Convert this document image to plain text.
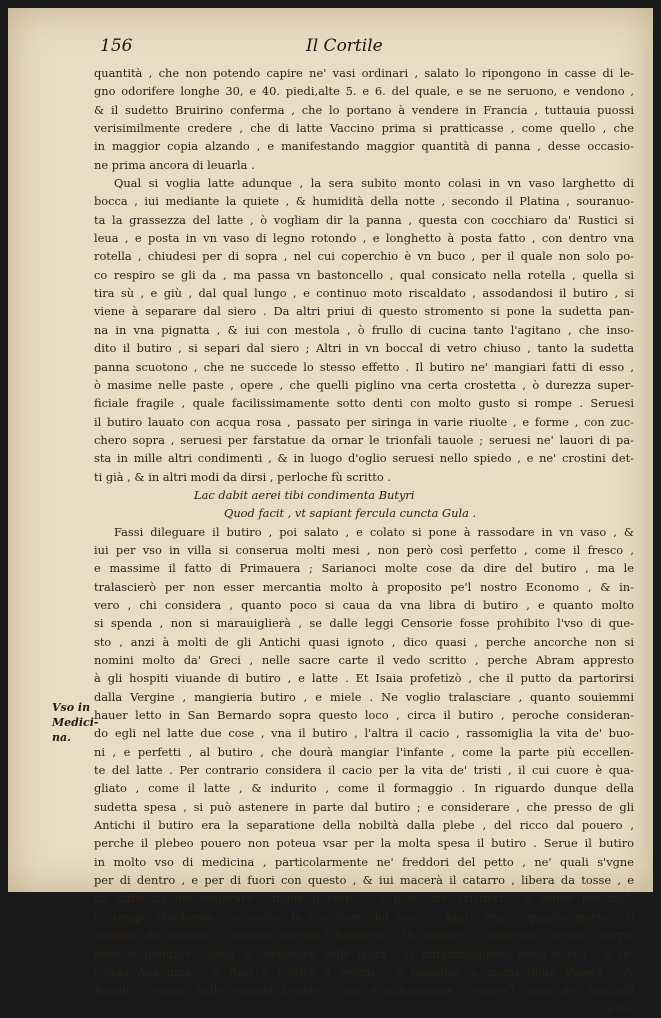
156	Il Cortile
Vso in
Medici-
na.
quantità , che non potendo capire ne' vasi ordinari , salato lo ripongono in casse di le-
gno odorifere longhe 30, e 40. piedi,alte 5. e 6. del quale, e se ne seruono, e vendono ,
& il sudetto Bruirino conferma , che lo portano à vendere in Francia , tuttauia puossi
verisimilmente credere , che di latte Vaccino prima si pratticasse , come quello , che
in maggior copia alzando , e manifestando maggior quantità di panna , desse occasio-
ne prima ancora di leuarla .
Qual si voglia latte adunque , la sera subito monto colasi in vn vaso larghetto di
bocca , iui mediante la quiete , & humidità della notte , secondo il Platina , souranuo-
ta la grassezza del latte , ò vogliam dir la panna , questa con cocchiaro da' Rustici si
leua , e posta in vn vaso di legno rotondo , e longhetto à posta fatto , con dentro vna
rotella , chiudesi per di sopra , nel cui coperchio è vn buco , per il quale non solo po-
co respiro se gli da , ma passa vn bastoncello , qual consicato nella rotella , quella si
tira sù , e giù , dal qual lungo , e continuo moto riscaldato , assodandosi il butiro , si
viene à separare dal siero . Da altri priui di questo stromento si pone la sudetta pan-
na in vna pignatta , & iui con mestola , ò frullo di cucina tanto l'agitano , che inso-
dito il butiro , si separi dal siero ; Altri in vn boccal di vetro chiuso , tanto la sudetta
panna scuotono , che ne succede lo stesso effetto . Il butiro ne' mangiari fatti di esso ,
ò masime nelle paste , opere , che quelli piglino vna certa crostetta , ò durezza super-
ficiale fragile , quale facilissimamente sotto denti con molto gusto si rompe . Seruesi
il butiro lauato con acqua rosa , passato per siringa in varie riuolte , e forme , con zuc-
chero sopra , seruesi per farstatue da ornar le trionfali tauole ; seruesi ne' lauori di pa-
sta in mille altri condimenti , & in luogo d'oglio seruesi nello spiedo , e ne' crostini det-
ti già , & in altri modi da dirsi , perloche fù scritto .
Lac dabit aerei tibi condimenta Butyri
Quod facit , vt sapiant fercula cuncta Gula .
Fassi dileguare il butiro , poi salato , e colato si pone à rassodare in vn vaso , &
iui per vso in villa si conserua molti mesi , non però così perfetto , come il fresco ,
e massime il fatto di Primauera ; Sarianoci molte cose da dire del butiro , ma le
tralascierò per non esser mercantia molto à proposito pe'l nostro Economo , & in-
vero , chi considera , quanto poco si caua da vna libra di butiro , e quanto molto
si spenda , non si marauiglierà , se dalle leggi Censorie fosse prohibito l'vso di que-
sto , anzi à molti de gli Antichi quasi ignoto , dico quasi , perche ancorche non si
nomini molto da' Greci , nelle sacre carte il vedo scritto , perche Abram appresto
à gli hospiti viuande di butiro , e latte . Et Isaia profetizò , che il putto da partorirsi
dalla Vergine , mangieria butiro , e miele . Ne voglio tralasciare , quanto souiemmi
hauer letto in San Bernardo sopra questo loco , circa il butiro , peroche consideran-
do egli nel latte due cose , vna il butiro , l'altra il cacio , rassomiglia la vita de' buo-
ni , e perfetti , al butiro , che dourà mangiar l'infante , come la parte più eccellen-
te del latte . Per contrario considera il cacio per la vita de' tristi , il cui cuore è qua-
gliato , come il latte , & indurito , come il formaggio . In riguardo dunque della
sudetta spesa , si può astenere in parte dal butiro ; e considerare , che presso de gli
Antichi il butiro era la separatione della nobiltà dalla plebe , del ricco dal pouero ,
perche il plebeo pouero non poteua vsar per la molta spesa il butiro . Serue il butiro
in molto vso di medicina , particolarmente ne' freddori del petto , ne' quali s'vgne
per di dentro , e per di fuori con questo , & iui macerà il catarro , libera da tosse , e
da difficoltà nel respirare , moue il corpo , e posto ne' cristieri , lo rende per mol-
to tempo obediente ; e contro le cucciture del fuoco , tanto viuo , quanto morto , ò
vogliam dir rottorio , matura ancora i foroncoli , fà sputare , conferma i denti , corro-
bora le gengiue ; sana le crepature delle labra , & infiammaggioni della bocca , e se-
condo Auicenna , e Rasi è contro à veleni , e massime à morsi della Vipera , &
Aspide , vsano nelle regioni fredde , oue è abbondante , vnger'i corpi de' fanciulli
e de'
